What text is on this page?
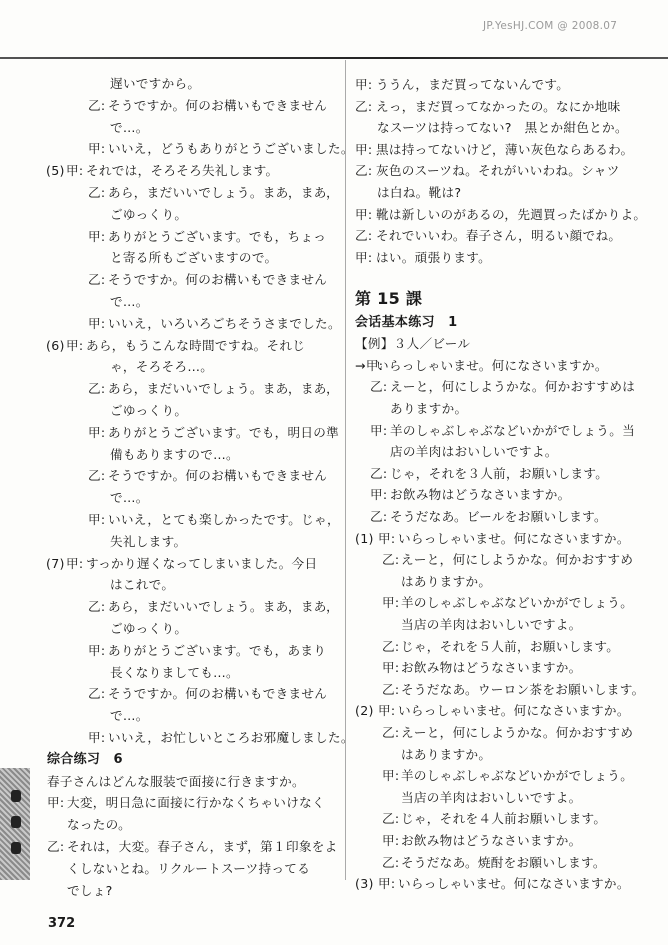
JP.YesHJ.COM @ 2008.07
遅いですから。
乙: そうですか。何のお構いもできません
で…。
甲: いいえ，どうもありがとうございました。
(5) 甲: それでは，そろそろ失礼します。
乙: あら，まだいいでしょう。まあ，まあ，
ごゆっくり。
甲: ありがとうございます。でも，ちょっ
と寄る所もございますので。
乙: そうですか。何のお構いもできません
で…。
甲: いいえ，いろいろごちそうさまでした。
(6) 甲: あら，もうこんな時間ですね。それじ
ゃ，そろそろ…。
乙: あら，まだいいでしょう。まあ，まあ，
ごゆっくり。
甲: ありがとうございます。でも，明日の準
備もありますので…。
乙: そうですか。何のお構いもできません
で…。
甲: いいえ，とても楽しかったです。じゃ，
失礼します。
(7) 甲: すっかり遅くなってしまいました。今日
はこれで。
乙: あら，まだいいでしょう。まあ，まあ，
ごゆっくり。
甲: ありがとうございます。でも，あまり
長くなりましても…。
乙: そうですか。何のお構いもできません
で…。
甲: いいえ，お忙しいところお邪魔しました。
综合练习　6
春子さんはどんな服装で面接に行きますか。
甲: 大変，明日急に面接に行かなくちゃいけなく
なったの。
乙: それは，大変。春子さん，まず，第１印象をよ
くしないとね。リクルートスーツ持ってる
でしょ?
甲: ううん，まだ買ってないんです。
乙: えっ，まだ買ってなかったの。なにか地味
なスーツは持ってない?　黒とか紺色とか。
甲: 黒は持ってないけど，薄い灰色ならあるわ。
乙: 灰色のスーツね。それがいいわね。シャツ
は白ね。靴は?
甲: 靴は新しいのがあるの，先週買ったばかりよ。
乙: それでいいわ。春子さん，明るい顔でね。
甲: はい。頑張ります。
第 15 課
会话基本练习　1
【例】３人／ビール
→甲:
いらっしゃいませ。何になさいますか。
乙: えーと，何にしようかな。何かおすすめは
ありますか。
甲: 羊のしゃぶしゃぶなどいかがでしょう。当
店の羊肉はおいしいですよ。
乙: じゃ，それを３人前，お願いします。
甲: お飲み物はどうなさいますか。
乙: そうだなあ。ビールをお願いします。
(1) 甲: いらっしゃいませ。何になさいますか。
乙: えーと，何にしようかな。何かおすすめ
はありますか。
甲: 羊のしゃぶしゃぶなどいかがでしょう。
当店の羊肉はおいしいですよ。
乙: じゃ，それを５人前，お願いします。
甲: お飲み物はどうなさいますか。
乙: そうだなあ。ウーロン茶をお願いします。
(2) 甲: いらっしゃいませ。何になさいますか。
乙: えーと，何にしようかな。何かおすすめ
はありますか。
甲: 羊のしゃぶしゃぶなどいかがでしょう。
当店の羊肉はおいしいですよ。
乙: じゃ，それを４人前お願いします。
甲: お飲み物はどうなさいますか。
乙: そうだなあ。焼酎をお願いします。
(3) 甲: いらっしゃいませ。何になさいますか。
372
